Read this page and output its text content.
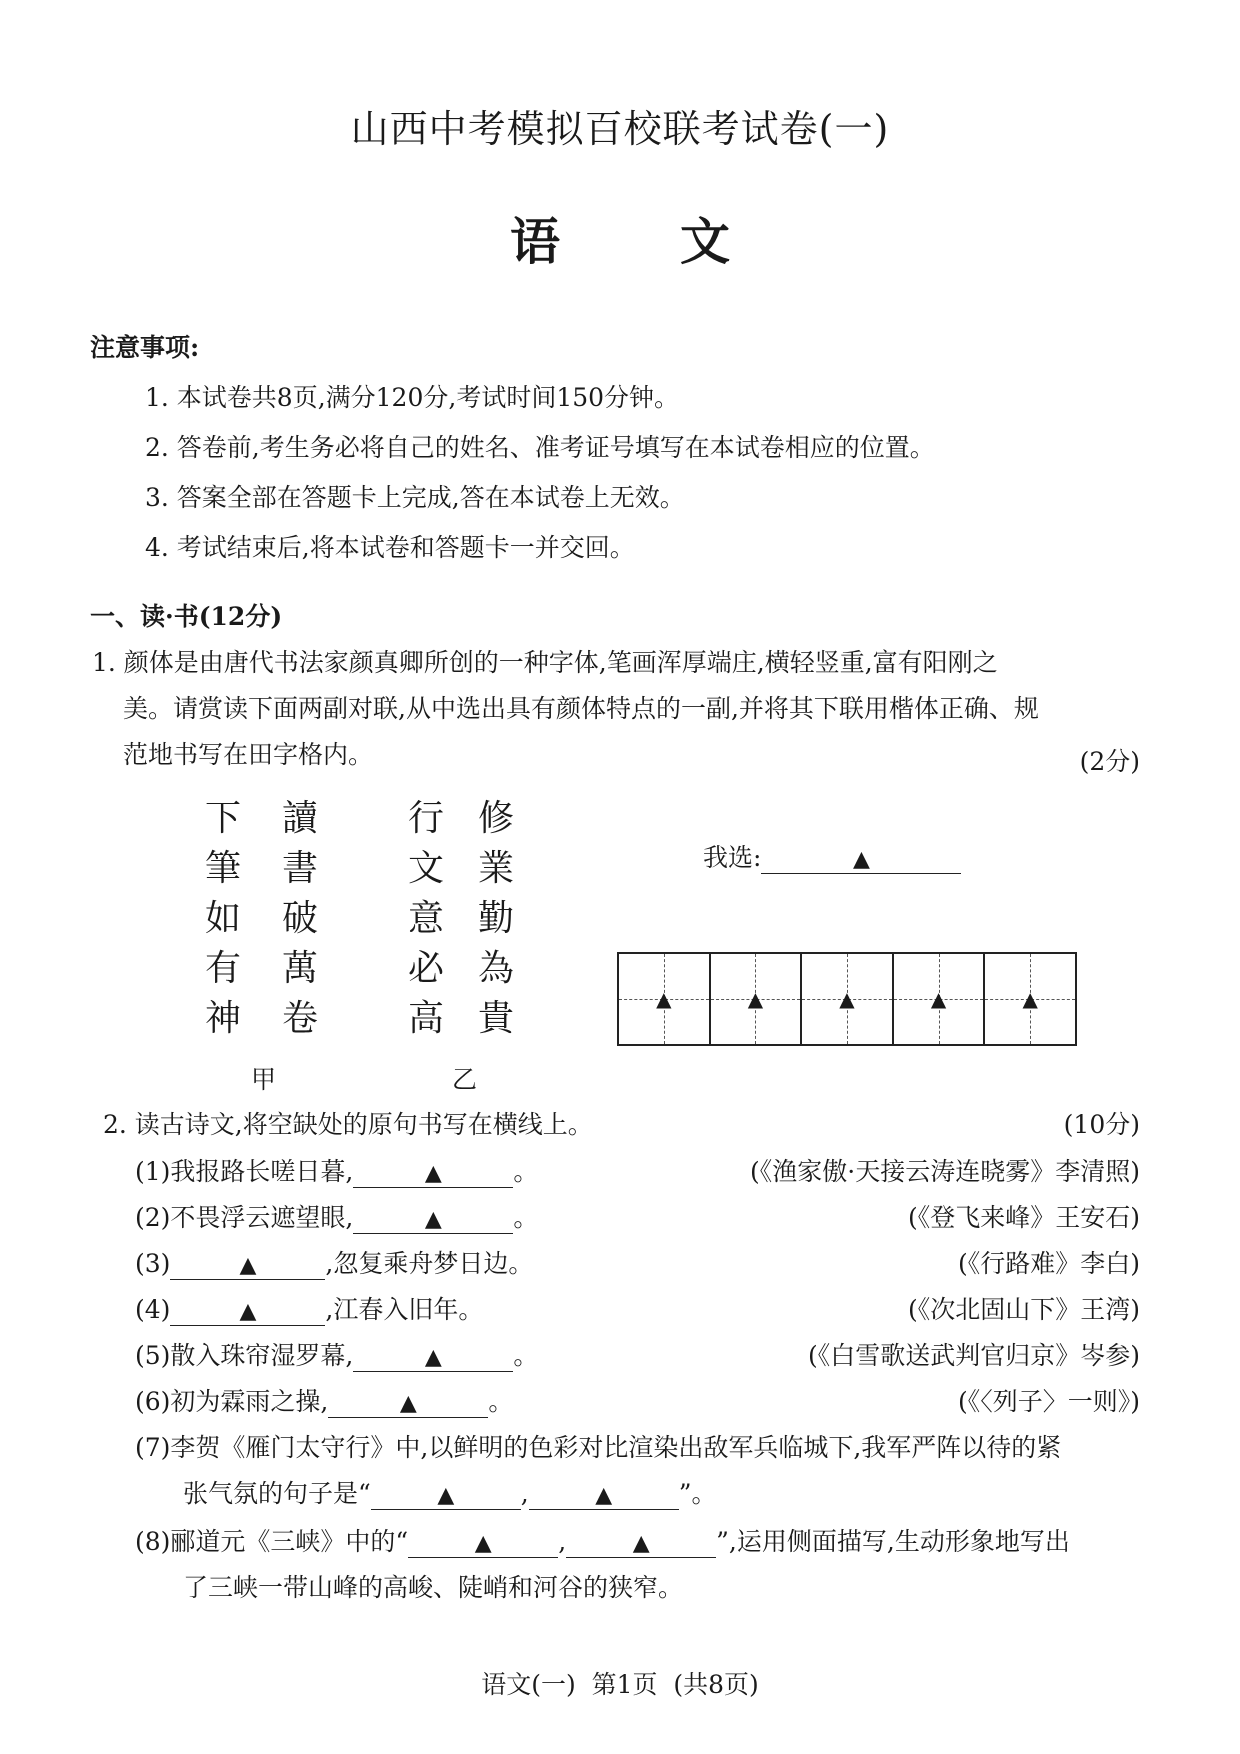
山西中考模拟百校联考试卷(一)
语文
注意事项:
1. 本试卷共8页,满分120分,考试时间150分钟。
2. 答卷前,考生务必将自己的姓名、准考证号填写在本试卷相应的位置。
3. 答案全部在答题卡上完成,答在本试卷上无效。
4. 考试结束后,将本试卷和答题卡一并交回。
一、读·书(12分)
1. 颜体是由唐代书法家颜真卿所创的一种字体,笔画浑厚端庄,横轻竖重,富有阳刚之
美。请赏读下面两副对联,从中选出具有颜体特点的一副,并将其下联用楷体正确、规
范地书写在田字格内。	(2分)
下
筆
如
有
神
讀
書
破
萬
卷
甲
行
文
意
必
高
修
業
勤
為
貴
乙
我选:	▲
▲	▲	▲	▲	▲
2. 读古诗文,将空缺处的原句书写在横线上。	(10分)
(1)我报路长嗟日暮,	▲	。	(《渔家傲·天接云涛连晓雾》李清照)
(2)不畏浮云遮望眼,	▲	。	(《登飞来峰》王安石)
(3)	▲	,忽复乘舟梦日边。	(《行路难》李白)
(4)	▲	,江春入旧年。	(《次北固山下》王湾)
(5)散入珠帘湿罗幕,	▲	。	(《白雪歌送武判官归京》岑参)
(6)初为霖雨之操,	▲	。	(《〈列子〉一则》)
(7)李贺《雁门太守行》中,以鲜明的色彩对比渲染出敌军兵临城下,我军严阵以待的紧
张气氛的句子是“	▲	,	▲	”。
(8)郦道元《三峡》中的“	▲	,	▲	”,运用侧面描写,生动形象地写出
了三峡一带山峰的高峻、陡峭和河谷的狭窄。
语文(一)  第1页  (共8页)
